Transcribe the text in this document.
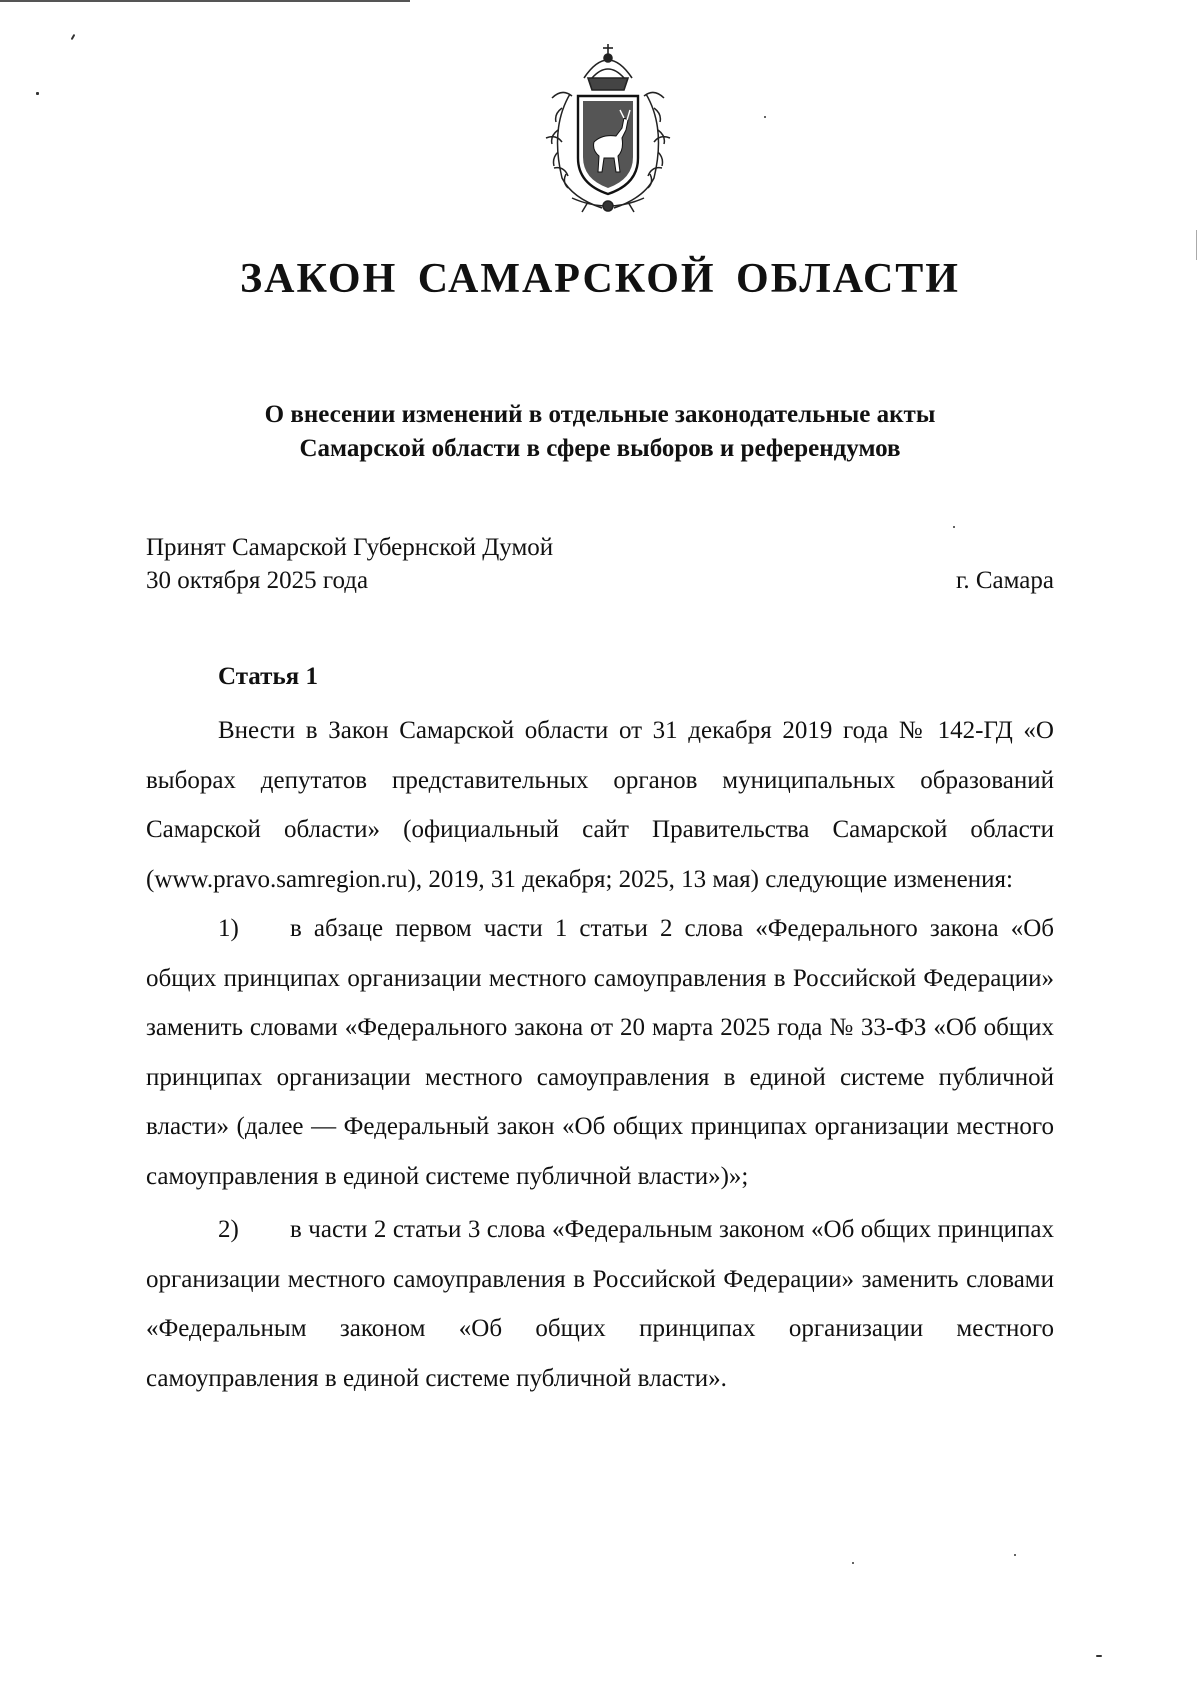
ЗАКОН САМАРСКОЙ ОБЛАСТИ
О внесении изменений в отдельные законодательные акты
Самарской области в сфере выборов и референдумов
Принят Самарской Губернской Думой
30 октября 2025 года	г. Самара
Статья 1

Внести в Закон Самарской области от 31 декабря 2019 года № 142-ГД «О выборах депутатов представительных органов муниципальных образований Самарской области» (официальный сайт Правительства Самарской области (www.pravo.samregion.ru), 2019, 31 декабря; 2025, 13 мая) следующие изменения:

1) в абзаце первом части 1 статьи 2 слова «Федерального закона «Об общих принципах организации местного самоуправления в Российской Федерации» заменить словами «Федерального закона от 20 марта 2025 года № 33-ФЗ «Об общих принципах организации местного самоуправления в единой системе публичной власти» (далее — Федеральный закон «Об общих принципах организации местного самоуправления в единой системе публичной власти»)»;

2) в части 2 статьи 3 слова «Федеральным законом «Об общих принципах организации местного самоуправления в Российской Федерации» заменить словами «Федеральным законом «Об общих принципах организации местного самоуправления в единой системе публичной власти».
